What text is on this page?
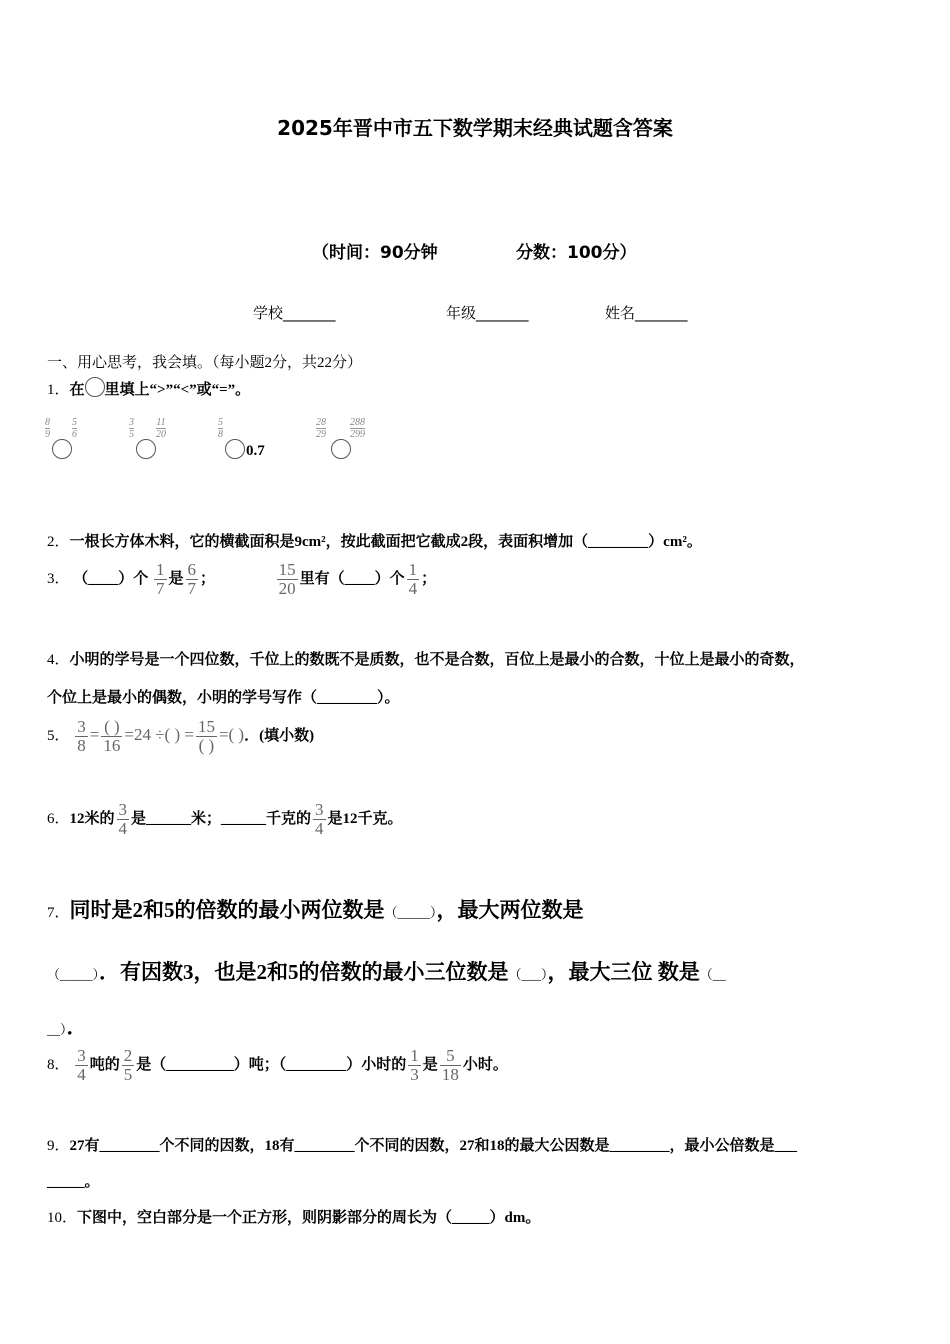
2025年晋中市五下数学期末经典试题含答案
（时间：90分钟	分数：100分）
学校_______	年级_______	姓名_______
一、用心思考，我会填。（每小题2分，共22分）
1．在 里填上“>”“<”或“=”。
8
9
5
6
3
5
11
20
5
8
0.7
28
29
288
299
2．一根长方体木料，它的横截面积是9cm²，按此截面把它截成2段，表面积增加（________）cm²。
3． （____）个 $\frac{1}{7}$ 是 $\frac{6}{7}$ ；	$\frac{15}{20}$ 里有（____）个 $\frac{1}{4}$ ；
4．小明的学号是一个四位数，千位上的数既不是质数，也不是合数，百位上是最小的合数，十位上是最小的奇数，
个位上是最小的偶数，小明的学号写作（________）。
5． $\frac{3}{8} = \frac{( )}{16} =24$ ÷( ) = $\frac{15}{( )}$ =( )．(填小数)
6．12米的 $\frac{3}{4}$ 是______米；______千克的 $\frac{3}{4}$ 是12千克。
7．同时是2和5的倍数的最小两位数是（_____），最大两位数是
（_____）．有因数3，也是2和5的倍数的最小三位数是（___），最大三位 数是（__
__）．
8． $\frac{3}{4}$ 吨的 $\frac{2}{5}$ 是（_________）吨；（________）小时的 $\frac{1}{3}$ 是 $\frac{5}{18}$ 小时。
9．27有________个不同的因数，18有________个不同的因数，27和18的最大公因数是________，最小公倍数是___
_____。
10．下图中，空白部分是一个正方形，则阴影部分的周长为（_____）dm。
